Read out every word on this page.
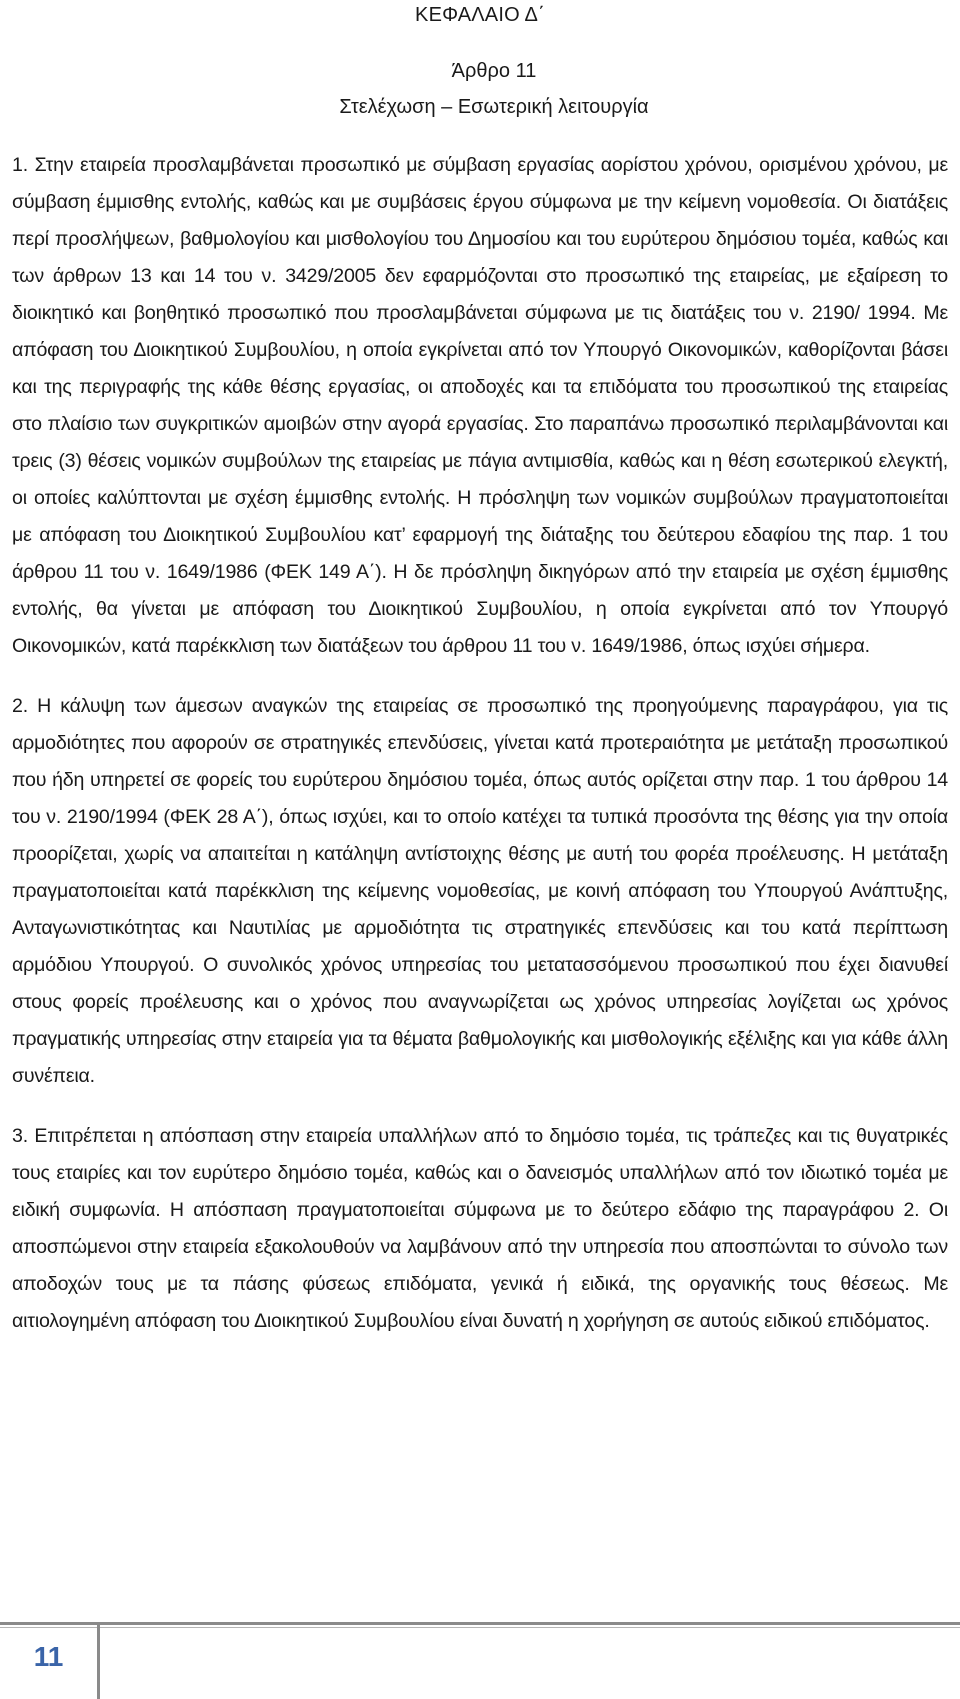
ΚΕΦΑΛΑΙΟ Δ΄
Άρθρο 11
Στελέχωση – Εσωτερική λειτουργία

1. Στην εταιρεία προσλαμβάνεται προσωπικό με σύμβαση εργασίας αορίστου χρόνου, ορισμένου χρόνου, με σύμβαση έμμισθης εντολής, καθώς και με συμβάσεις έργου σύμφωνα με την κείμενη νομοθεσία. Οι διατάξεις περί προσλήψεων, βαθμολογίου και μισθολογίου του Δημοσίου και του ευρύτερου δημόσιου τομέα, καθώς και των άρθρων 13 και 14 του ν. 3429/2005 δεν εφαρμόζονται στο προσωπικό της εταιρείας, με εξαίρεση το διοικητικό και βοηθητικό προσωπικό που προσλαμβάνεται σύμφωνα με τις διατάξεις του ν. 2190/ 1994. Με απόφαση του Διοικητικού Συμβουλίου, η οποία εγκρίνεται από τον Υπουργό Οικονομικών, καθορίζονται βάσει και της περιγραφής της κάθε θέσης εργασίας, οι αποδοχές και τα επιδόματα του προσωπικού της εταιρείας στο πλαίσιο των συγκριτικών αμοιβών στην αγορά εργασίας. Στο παραπάνω προσωπικό περιλαμβάνονται και τρεις (3) θέσεις νομικών συμβούλων της εταιρείας με πάγια αντιμισθία, καθώς και η θέση εσωτερικού ελεγκτή, οι οποίες καλύπτονται με σχέση έμμισθης εντολής. Η πρόσληψη των νομικών συμβούλων πραγματοποιείται με απόφαση του Διοικητικού Συμβουλίου κατ’ εφαρμογή της διάταξης του δεύτερου εδαφίου της παρ. 1 του άρθρου 11 του ν. 1649/1986 (ΦΕΚ 149 Α΄). Η δε πρόσληψη δικηγόρων από την εταιρεία με σχέση έμμισθης εντολής, θα γίνεται με απόφαση του Διοικητικού Συμβουλίου, η οποία εγκρίνεται από τον Υπουργό Οικονομικών, κατά παρέκκλιση των διατάξεων του άρθρου 11 του ν. 1649/1986, όπως ισχύει σήμερα.

2. Η κάλυψη των άμεσων αναγκών της εταιρείας σε προσωπικό της προηγούμενης παραγράφου, για τις αρμοδιότητες που αφορούν σε στρατηγικές επενδύσεις, γίνεται κατά προτεραιότητα με μετάταξη προσωπικού που ήδη υπηρετεί σε φορείς του ευρύτερου δημόσιου τομέα, όπως αυτός ορίζεται στην παρ. 1 του άρθρου 14 του ν. 2190/1994 (ΦΕΚ 28 Α΄), όπως ισχύει, και το οποίο κατέχει τα τυπικά προσόντα της θέσης για την οποία προορίζεται, χωρίς να απαιτείται η κατάληψη αντίστοιχης θέσης με αυτή του φορέα προέλευσης. Η μετάταξη πραγματοποιείται κατά παρέκκλιση της κείμενης νομοθεσίας, με κοινή απόφαση του Υπουργού Ανάπτυξης, Ανταγωνιστικότητας και Ναυτιλίας με αρμοδιότητα τις στρατηγικές επενδύσεις και του κατά περίπτωση αρμόδιου Υπουργού. Ο συνολικός χρόνος υπηρεσίας του μετατασσόμενου προσωπικού που έχει διανυθεί στους φορείς προέλευσης και ο χρόνος που αναγνωρίζεται ως χρόνος υπηρεσίας λογίζεται ως χρόνος πραγματικής υπηρεσίας στην εταιρεία για τα θέματα βαθμολογικής και μισθολογικής εξέλιξης και για κάθε άλλη συνέπεια.

3. Επιτρέπεται η απόσπαση στην εταιρεία υπαλλήλων από το δημόσιο τομέα, τις τράπεζες και τις θυγατρικές τους εταιρίες και τον ευρύτερο δημόσιο τομέα, καθώς και ο δανεισμός υπαλλήλων από τον ιδιωτικό τομέα με ειδική συμφωνία. Η απόσπαση πραγματοποιείται σύμφωνα με το δεύτερο εδάφιο της παραγράφου 2. Οι αποσπώμενοι στην εταιρεία εξακολουθούν να λαμβάνουν από την υπηρεσία που αποσπώνται το σύνολο των αποδοχών τους με τα πάσης φύσεως επιδόματα, γενικά ή ειδικά, της οργανικής τους θέσεως. Με αιτιολογημένη απόφαση του Διοικητικού Συμβουλίου είναι δυνατή η χορήγηση σε αυτούς ειδικού επιδόματος.

11
